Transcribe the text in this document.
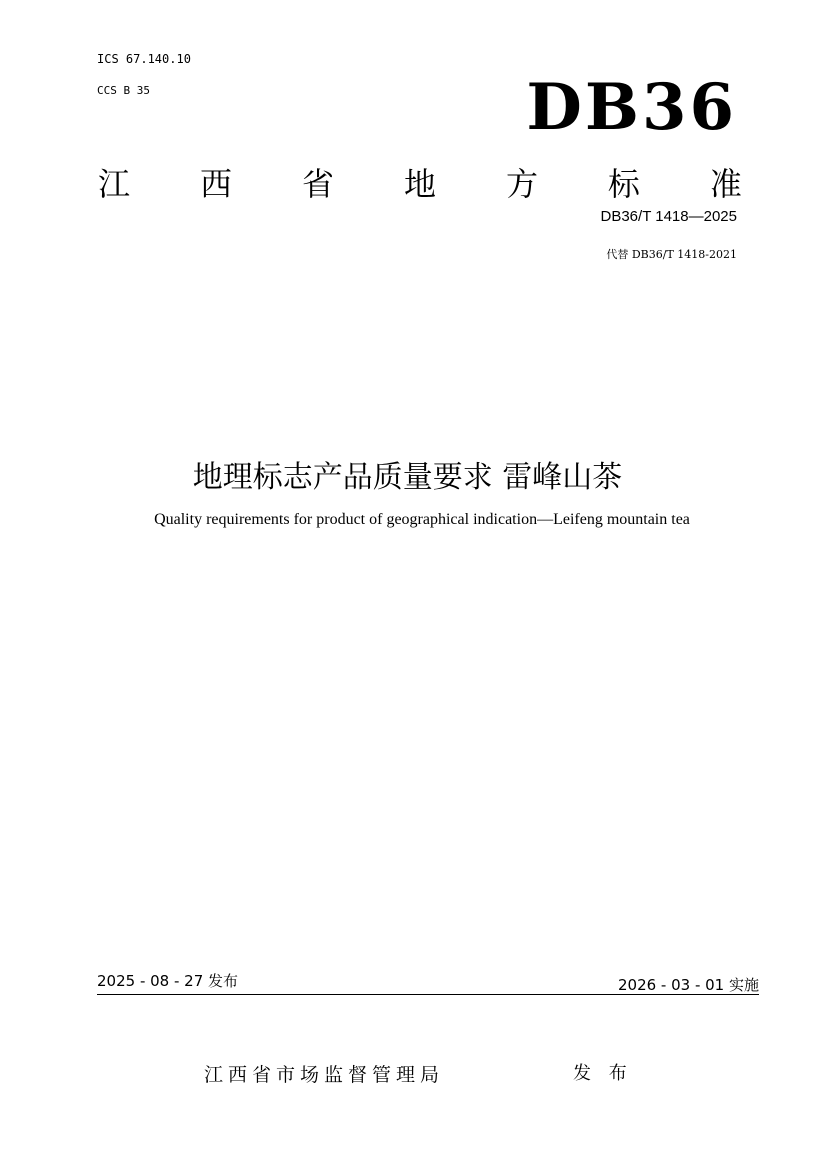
ICS 67.140.10
CCS B 35	DB36
江 西 省 地 方 标 准
DB36/T 1418—2025
代替 DB36/T 1418-2021
地理标志产品质量要求 雷峰山茶
Quality requirements for product of geographical indication—Leifeng mountain tea
2025 - 08 - 27 发布	2026 - 03 - 01 实施
江西省市场监督管理局	发 布
